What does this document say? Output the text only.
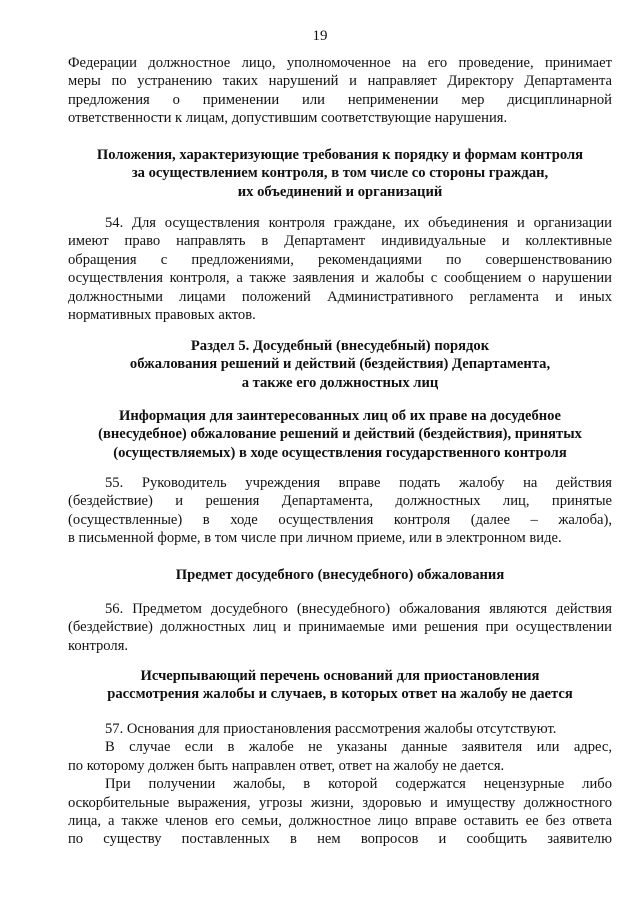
19
Федерации должностное лицо, уполномоченное на его проведение, принимает
меры по устранению таких нарушений и направляет Директору Департамента
предложения о применении или неприменении мер дисциплинарной
ответственности к лицам, допустившим соответствующие нарушения.
Положения, характеризующие требования к порядку и формам контроля
за осуществлением контроля, в том числе со стороны граждан,
их объединений и организаций
54. Для осуществления контроля граждане, их объединения и организации
имеют право направлять в Департамент индивидуальные и коллективные
обращения с предложениями, рекомендациями по совершенствованию
осуществления контроля, а также заявления и жалобы с сообщением о нарушении
должностными лицами положений Административного регламента и иных
нормативных правовых актов.
Раздел 5. Досудебный (внесудебный) порядок
обжалования решений и действий (бездействия) Департамента,
а также его должностных лиц
Информация для заинтересованных лиц об их праве на досудебное
(внесудебное) обжалование решений и действий (бездействия), принятых
(осуществляемых) в ходе осуществления государственного контроля
55. Руководитель учреждения вправе подать жалобу на действия
(бездействие) и решения Департамента, должностных лиц, принятые
(осуществленные) в ходе осуществления контроля (далее – жалоба),
в письменной форме, в том числе при личном приеме, или в электронном виде.
Предмет досудебного (внесудебного) обжалования
56. Предметом досудебного (внесудебного) обжалования являются действия
(бездействие) должностных лиц и принимаемые ими решения при осуществлении
контроля.
Исчерпывающий перечень оснований для приостановления
рассмотрения жалобы и случаев, в которых ответ на жалобу не дается
57. Основания для приостановления рассмотрения жалобы отсутствуют.
В случае если в жалобе не указаны данные заявителя или адрес,
по которому должен быть направлен ответ, ответ на жалобу не дается.
При получении жалобы, в которой содержатся нецензурные либо
оскорбительные выражения, угрозы жизни, здоровью и имуществу должностного
лица, а также членов его семьи, должностное лицо вправе оставить ее без ответа
по существу поставленных в нем вопросов и сообщить заявителю
